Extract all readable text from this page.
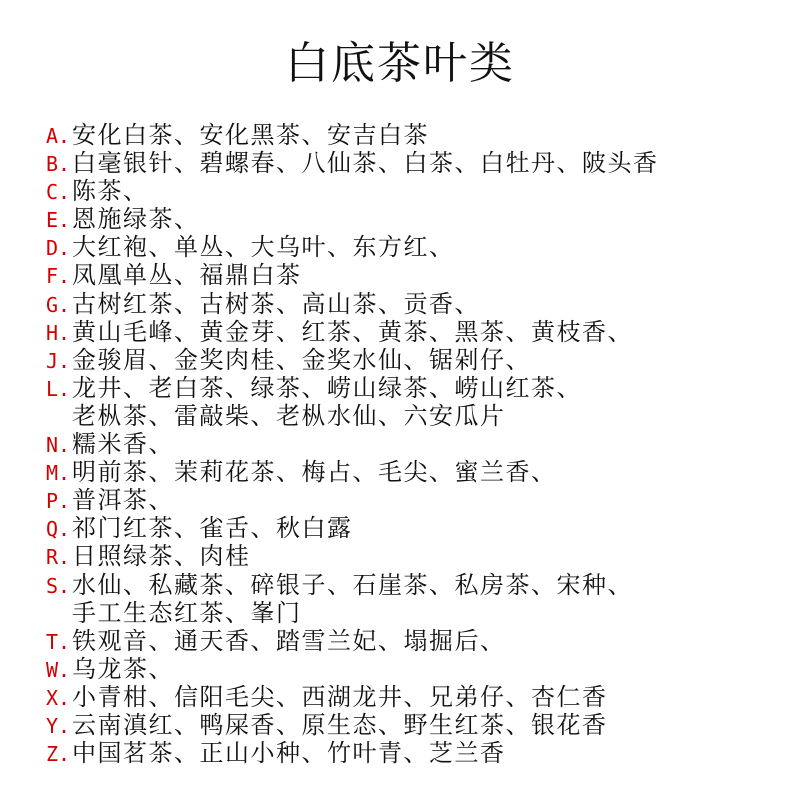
白底茶叶类
A. 安化白茶、安化黑茶、安吉白茶
B. 白毫银针、碧螺春、八仙茶、白茶、白牡丹、陂头香
C. 陈茶、
E. 恩施绿茶、
D. 大红袍、单丛、大乌叶、东方红、
F. 凤凰单丛、福鼎白茶
G. 古树红茶、古树茶、高山茶、贡香、
H. 黄山毛峰、黄金芽、红茶、黄茶、黑茶、黄枝香、
J. 金骏眉、金奖肉桂、金奖水仙、锯剁仔、
L. 龙井、老白茶、绿茶、崂山绿茶、崂山红茶、
老枞茶、雷敲柴、老枞水仙、六安瓜片
N. 糯米香、
M. 明前茶、茉莉花茶、梅占、毛尖、蜜兰香、
P. 普洱茶、
Q. 祁门红茶、雀舌、秋白露
R. 日照绿茶、肉桂
S. 水仙、私藏茶、碎银子、石崖茶、私房茶、宋种、
手工生态红茶、峯门
T. 铁观音、通天香、踏雪兰妃、塌掘后、
W. 乌龙茶、
X. 小青柑、信阳毛尖、西湖龙井、兄弟仔、杏仁香
Y. 云南滇红、鸭屎香、原生态、野生红茶、银花香
Z. 中国茗茶、正山小种、竹叶青、芝兰香
